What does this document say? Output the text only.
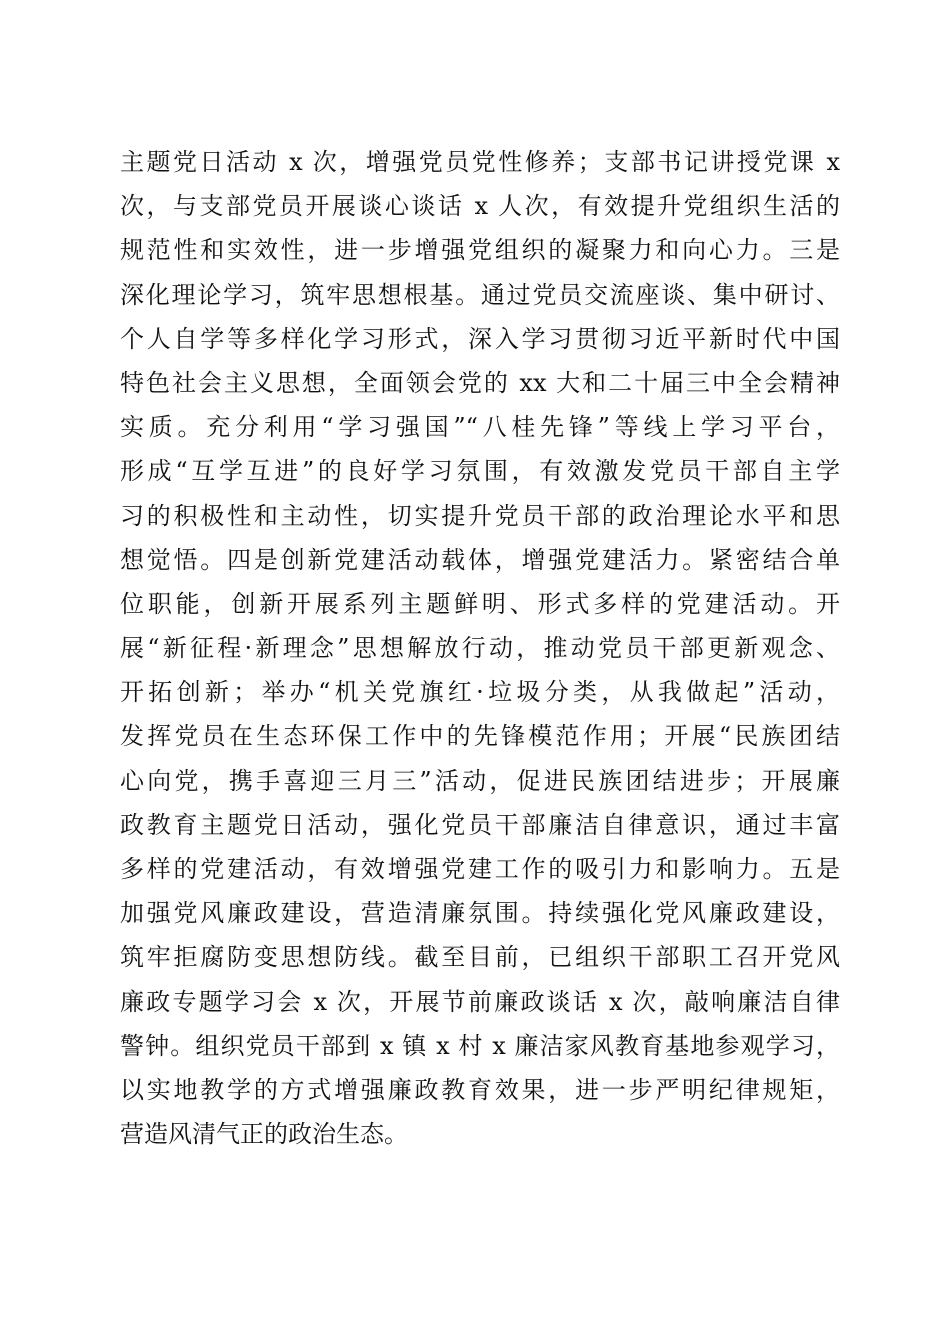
主题党日活动 x 次，增强党员党性修养；支部书记讲授党课 x
次，与支部党员开展谈心谈话 x 人次，有效提升党组织生活的
规范性和实效性，进一步增强党组织的凝聚力和向心力。三是
深化理论学习，筑牢思想根基。通过党员交流座谈、集中研讨、
个人自学等多样化学习形式，深入学习贯彻习近平新时代中国
特色社会主义思想，全面领会党的 xx 大和二十届三中全会精神
实质。充分利用“学习强国”“八桂先锋”等线上学习平台，
形成“互学互进”的良好学习氛围，有效激发党员干部自主学
习的积极性和主动性，切实提升党员干部的政治理论水平和思
想觉悟。四是创新党建活动载体，增强党建活力。紧密结合单
位职能，创新开展系列主题鲜明、形式多样的党建活动。开
展“新征程·新理念”思想解放行动，推动党员干部更新观念、
开拓创新；举办“机关党旗红·垃圾分类，从我做起”活动，
发挥党员在生态环保工作中的先锋模范作用；开展“民族团结
心向党，携手喜迎三月三”活动，促进民族团结进步；开展廉
政教育主题党日活动，强化党员干部廉洁自律意识，通过丰富
多样的党建活动，有效增强党建工作的吸引力和影响力。五是
加强党风廉政建设，营造清廉氛围。持续强化党风廉政建设，
筑牢拒腐防变思想防线。截至目前，已组织干部职工召开党风
廉政专题学习会 x 次，开展节前廉政谈话 x 次，敲响廉洁自律
警钟。组织党员干部到 x 镇 x 村 x 廉洁家风教育基地参观学习，
以实地教学的方式增强廉政教育效果，进一步严明纪律规矩，
营造风清气正的政治生态。
